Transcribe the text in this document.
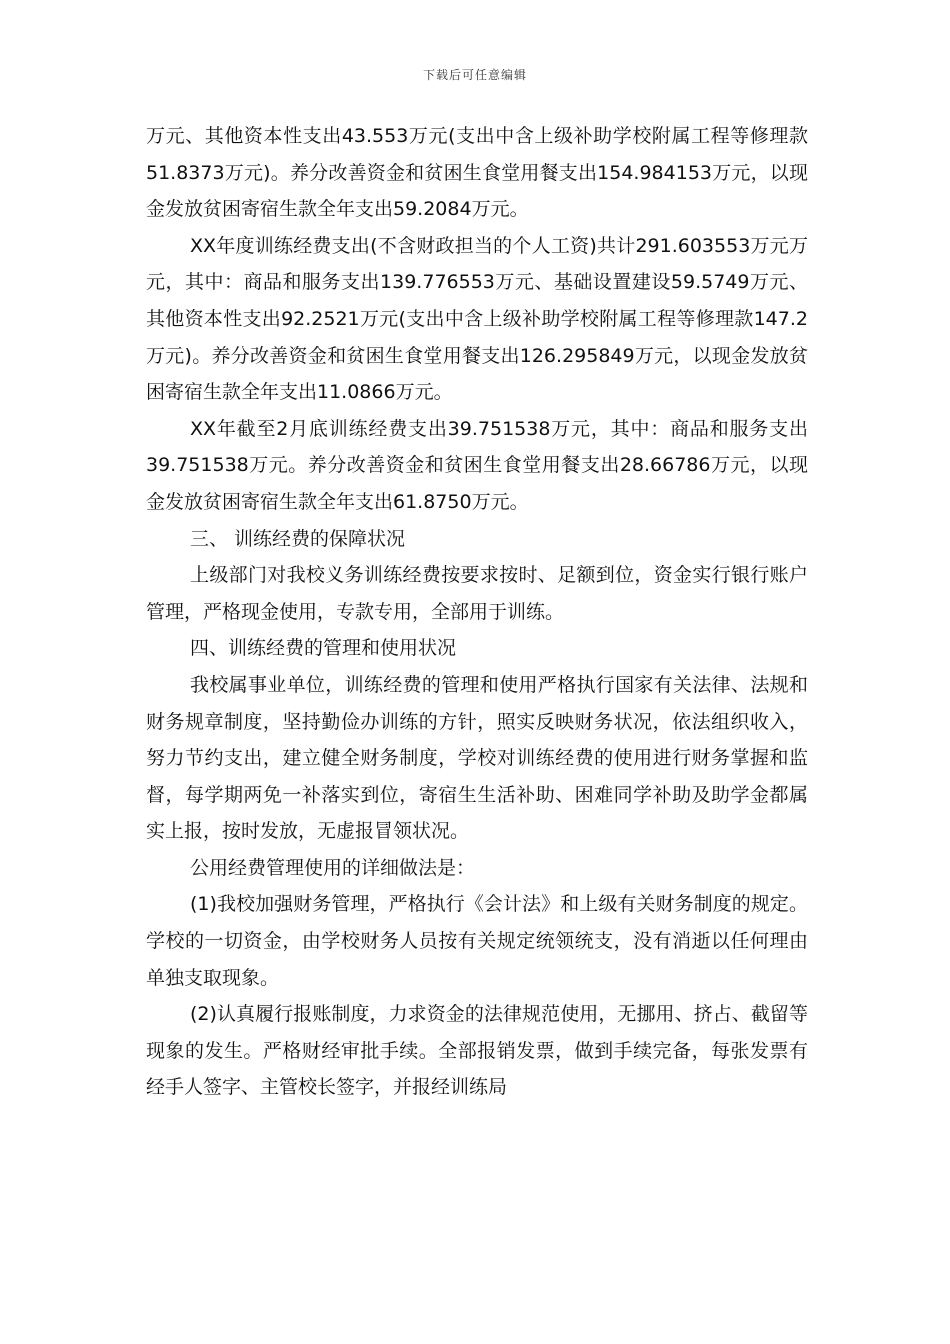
下载后可任意编辑

万元、其他资本性支出43.553万元(支出中含上级补助学校附属工程等修理款51.8373万元)。养分改善资金和贫困生食堂用餐支出154.984153万元，以现金发放贫困寄宿生款全年支出59.2084万元。

XX年度训练经费支出(不含财政担当的个人工资)共计291.603553万元万元，其中：商品和服务支出139.776553万元、基础设置建设59.5749万元、其他资本性支出92.2521万元(支出中含上级补助学校附属工程等修理款147.2万元)。养分改善资金和贫困生食堂用餐支出126.295849万元，以现金发放贫困寄宿生款全年支出11.0866万元。

XX年截至2月底训练经费支出39.751538万元，其中：商品和服务支出39.751538万元。养分改善资金和贫困生食堂用餐支出28.66786万元，以现金发放贫困寄宿生款全年支出61.8750万元。

三、 训练经费的保障状况

上级部门对我校义务训练经费按要求按时、足额到位，资金实行银行账户管理，严格现金使用，专款专用，全部用于训练。

四、训练经费的管理和使用状况

我校属事业单位，训练经费的管理和使用严格执行国家有关法律、法规和财务规章制度，坚持勤俭办训练的方针，照实反映财务状况，依法组织收入，努力节约支出，建立健全财务制度，学校对训练经费的使用进行财务掌握和监督，每学期两免一补落实到位，寄宿生生活补助、困难同学补助及助学金都属实上报，按时发放，无虚报冒领状况。

公用经费管理使用的详细做法是：

(1)我校加强财务管理，严格执行《会计法》和上级有关财务制度的规定。学校的一切资金，由学校财务人员按有关规定统领统支，没有消逝以任何理由单独支取现象。

(2)认真履行报账制度，力求资金的法律规范使用，无挪用、挤占、截留等现象的发生。严格财经审批手续。全部报销发票，做到手续完备，每张发票有经手人签字、主管校长签字，并报经训练局
